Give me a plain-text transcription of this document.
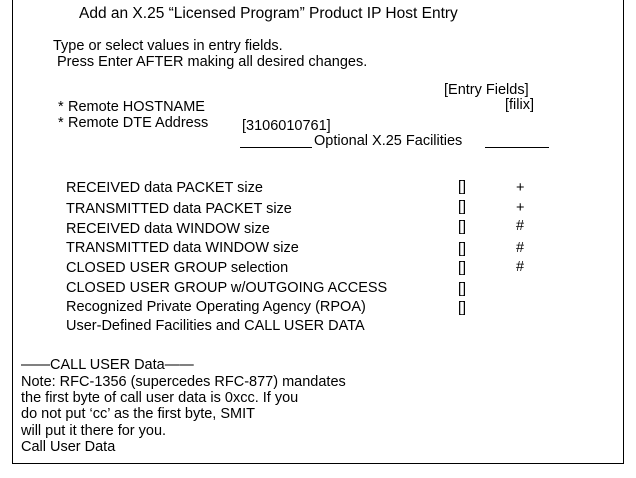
Add an X.25 “Licensed Program” Product IP Host Entry
Type or select values in entry fields.
Press Enter AFTER making all desired changes.
[Entry Fields]
* Remote HOSTNAME	[filix]
* Remote DTE Address [3106010761]
Optional X.25 Facilities
RECEIVED data PACKET size	[]	+
TRANSMITTED data PACKET size	[]	+
RECEIVED data WINDOW size	[]	#
TRANSMITTED data WINDOW size	[]	#
CLOSED USER GROUP selection	[]	#
CLOSED USER GROUP w/OUTGOING ACCESS	[]
Recognized Private Operating Agency (RPOA)	[]
User-Defined Facilities and CALL USER DATA
——CALL USER Data——
Note: RFC-1356 (supercedes RFC-877) mandates
the first byte of call user data is 0xcc. If you
do not put ‘cc’ as the first byte, SMIT
will put it there for you.
Call User Data
